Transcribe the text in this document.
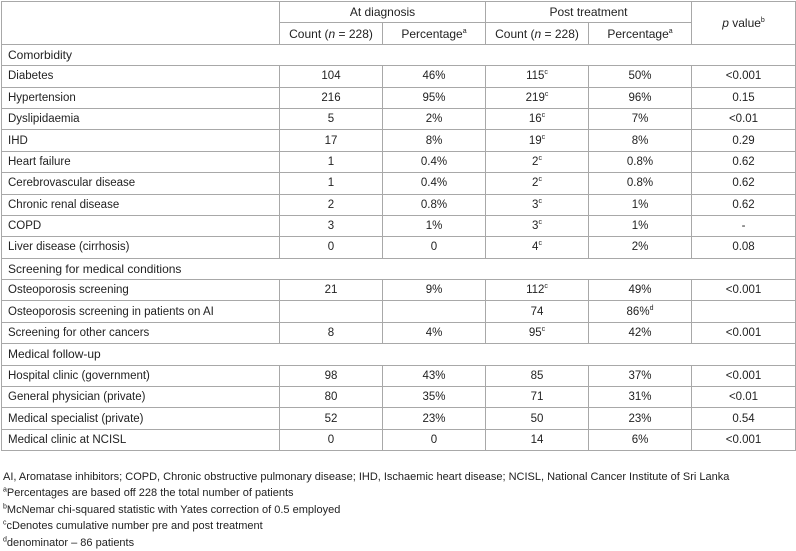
	At diagnosis		Post treatment		p value$^b$
	Count (n = 228)	Percentage$^a$	Count (n = 228)	Percentage$^a$
Comorbidity					
Diabetes	104	46%	115$^c$	50%	<0.001
Hypertension	216	95%	219$^c$	96%	0.15
Dyslipidaemia	5	2%	16$^c$	7%	<0.01
IHD	17	8%	19$^c$	8%	0.29
Heart failure	1	0.4%	2$^c$	0.8%	0.62
Cerebrovascular disease	1	0.4%	2$^c$	0.8%	0.62
Chronic renal disease	2	0.8%	3$^c$	1%	0.62
COPD	3	1%	3$^c$	1%	-
Liver disease (cirrhosis)	0	0	4$^c$	2%	0.08
Screening for medical conditions					
Osteoporosis screening	21	9%	112$^c$	49%	<0.001
Osteoporosis screening in patients on AI			74	86%$^d$	
Screening for other cancers	8	4%	95$^c$	42%	<0.001
Medical follow-up					
Hospital clinic (government)	98	43%	85	37%	<0.001
General physician (private)	80	35%	71	31%	<0.01
Medical specialist (private)	52	23%	50	23%	0.54
Medical clinic at NCISL	0	0	14	6%	<0.001
AI, Aromatase inhibitors; COPD, Chronic obstructive pulmonary disease; IHD, Ischaemic heart disease; NCISL, National Cancer Institute of Sri Lanka
$^a$Percentages are based off 228 the total number of patients
$^b$McNemar chi-squared statistic with Yates correction of 0.5 employed
$^c$cDenotes cumulative number pre and post treatment
$^d$denominator – 86 patients
